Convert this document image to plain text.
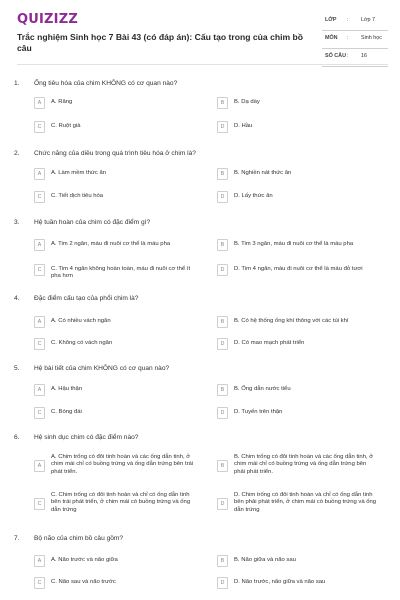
QUIZIZZ
Trắc nghiệm Sinh học 7 Bài 43 (có đáp án): Cấu tạo trong của chim bồ câu
LỚP : Lớp 7
MÔN : Sinh học
SỐ CÂU : 16
1. Ống tiêu hóa của chim KHÔNG có cơ quan nào?
A	A. Răng	B	B. Dạ dày
C	C. Ruột già	D	D. Hầu
2. Chức năng của diều trong quá trình tiêu hóa ở chim là?
A	A. Làm mềm thức ăn	B	B. Nghiền nát thức ăn
C	C. Tiết dịch tiêu hóa	D	D. Lấy thức ăn
3. Hệ tuần hoàn của chim có đặc điểm gì?
A	A. Tim 2 ngăn, máu đi nuôi cơ thể là máu pha	B	B. Tim 3 ngăn, máu đi nuôi cơ thể là máu pha
C	C. Tim 4 ngăn không hoàn toàn, máu đi nuôi cơ thể ít pha hơn
D	D. Tim 4 ngăn, máu đi nuôi cơ thể là máu đỏ tươi
4. Đặc điểm cấu tạo của phổi chim là?
A	A. Có nhiều vách ngăn	B	B. Có hệ thống ống khí thông với các túi khí
C	C. Không có vách ngăn	D	D. Có mao mạch phát triển
5. Hệ bài tiết của chim KHÔNG có cơ quan nào?
A	A. Hậu thận	B	B. Ống dẫn nước tiểu
C	C. Bóng đái	D	D. Tuyến trên thận
6. Hệ sinh dục chim có đặc điểm nào?
A
A. Chim trống có đôi tinh hoàn và các ống dẫn tinh, ở chim mái chỉ có buồng trứng và ống dẫn trứng bên trái phát triển.
B
B. Chim trống có đôi tinh hoàn và các ống dẫn tinh, ở chim mái chỉ có buồng trứng và ống dẫn trứng bên phải phát triển.
C
C. Chim trống có đôi tinh hoàn và chỉ có ống dẫn tinh bên trái phát triển, ở chim mái có buồng trứng và ống dẫn trứng
D
D. Chim trống có đôi tinh hoàn và chỉ có ống dẫn tinh bên phải phát triển, ở chim mái có buồng trứng và ống dẫn trứng
7. Bộ não của chim bồ câu gồm?
A	A. Não trước và não giữa	B	B. Não giữa và não sau
C	C. Não sau và não trước	D	D. Não trước, não giữa và não sau
